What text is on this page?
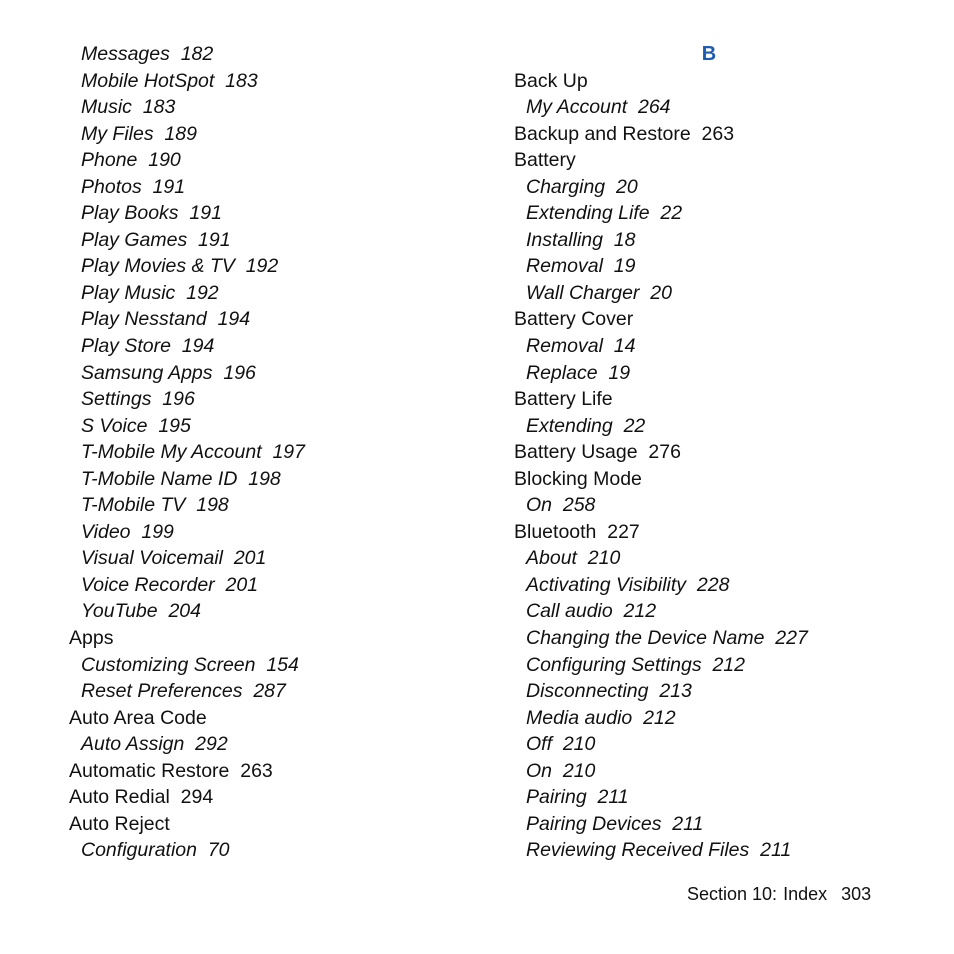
Messages  182
Mobile HotSpot  183
Music  183
My Files  189
Phone  190
Photos  191
Play Books  191
Play Games  191
Play Movies & TV  192
Play Music  192
Play Nesstand  194
Play Store  194
Samsung Apps  196
Settings  196
S Voice  195
T-Mobile My Account  197
T-Mobile Name ID  198
T-Mobile TV  198
Video  199
Visual Voicemail  201
Voice Recorder  201
YouTube  204
Apps
Customizing Screen  154
Reset Preferences  287
Auto Area Code
Auto Assign  292
Automatic Restore  263
Auto Redial  294
Auto Reject
Configuration  70
B
Back Up
My Account  264
Backup and Restore  263
Battery
Charging  20
Extending Life  22
Installing  18
Removal  19
Wall Charger  20
Battery Cover
Removal  14
Replace  19
Battery Life
Extending  22
Battery Usage  276
Blocking Mode
On  258
Bluetooth  227
About  210
Activating Visibility  228
Call audio  212
Changing the Device Name  227
Configuring Settings  212
Disconnecting  213
Media audio  212
Off  210
On  210
Pairing  211
Pairing Devices  211
Reviewing Received Files  211
Section 10: Index 303
